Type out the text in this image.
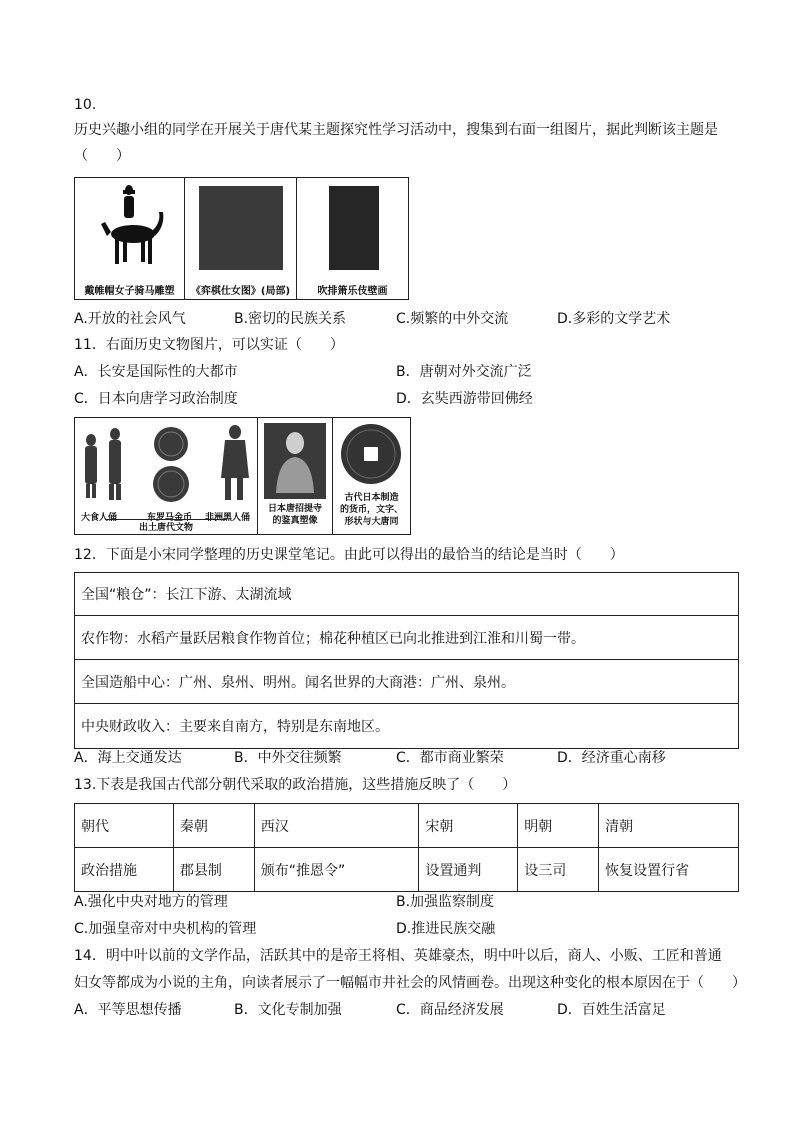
10.
历史兴趣小组的同学在开展关于唐代某主题探究性学习活动中，搜集到右面一组图片，据此判断该主题是
（　　）
戴帷帽女子骑马雕塑	《弈棋仕女图》(局部)	吹排箫乐伎壁画
A.开放的社会风气	B.密切的民族关系	C.频繁的中外交流	D.多彩的文学艺术
11．右面历史文物图片，可以实证（　　）
A．长安是国际性的大都市	B．唐朝对外交流广泛
C．日本向唐学习政治制度	D．玄奘西游带回佛经
大食人俑	东罗马金币 非洲黑人俑
出土唐代文物
日本唐招提寺
的鉴真塑像
古代日本制造
的货币，文字、
形状与大唐同
12．下面是小宋同学整理的历史课堂笔记。由此可以得出的最恰当的结论是当时（　　）
全国“粮仓”：长江下游、太湖流域
农作物：水稻产量跃居粮食作物首位；棉花种植区已向北推进到江淮和川蜀一带。
全国造船中心：广州、泉州、明州。闻名世界的大商港：广州、泉州。
中央财政收入：主要来自南方，特别是东南地区。
A．海上交通发达	B．中外交往频繁	C．都市商业繁荣	D．经济重心南移
13.下表是我国古代部分朝代采取的政治措施，这些措施反映了（　　）
朝代	秦朝	西汉	宋朝	明朝	清朝
政治措施	郡县制	颁布“推恩令”	设置通判	设三司	恢复设置行省
A.强化中央对地方的管理	B.加强监察制度
C.加强皇帝对中央机构的管理	D.推进民族交融
14．明中叶以前的文学作品，活跃其中的是帝王将相、英雄豪杰，明中叶以后，商人、小贩、工匠和普通
妇女等都成为小说的主角，向读者展示了一幅幅市井社会的风情画卷。出现这种变化的根本原因在于（　　）
A．平等思想传播	B．文化专制加强	C．商品经济发展	D．百姓生活富足
